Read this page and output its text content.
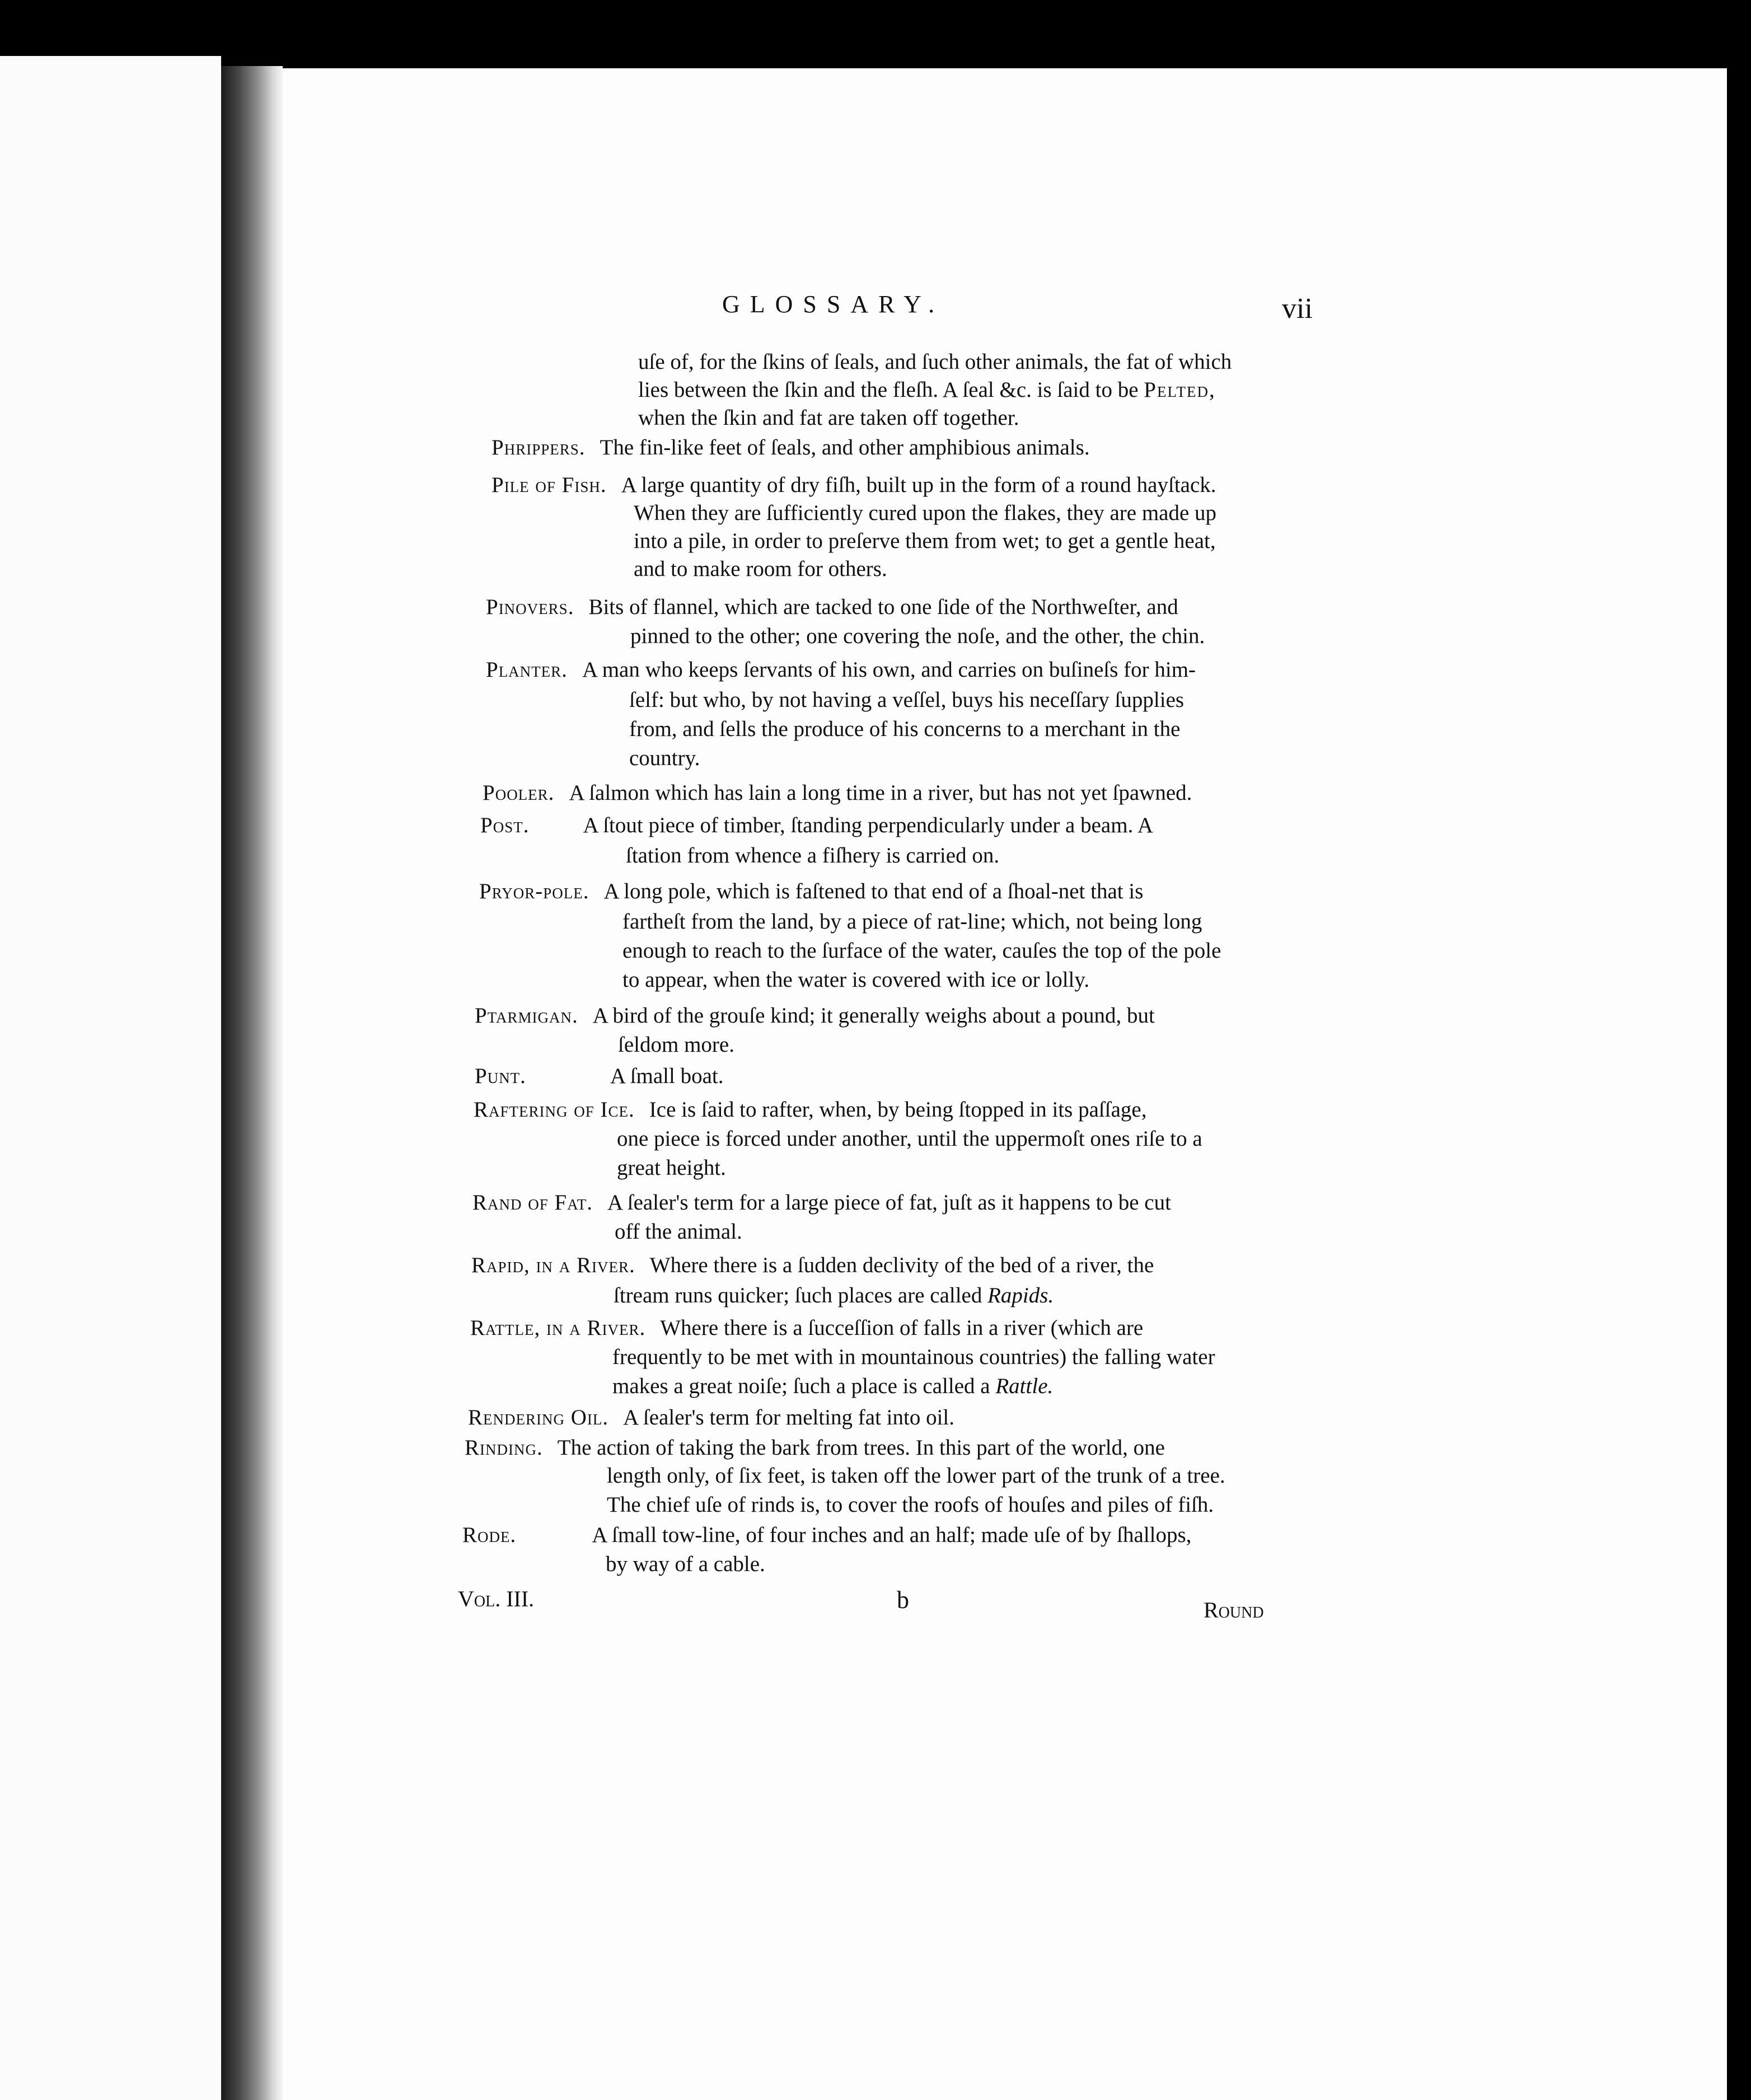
GLOSSARY.	vii
uſe of, for the ſkins of ſeals, and ſuch other animals, the fat of which
lies between the ſkin and the fleſh. A ſeal &c. is ſaid to be Pelted,
when the ſkin and fat are taken off together.
Phrippers. The fin-like feet of ſeals, and other amphibious animals.
Pile of Fish. A large quantity of dry fiſh, built up in the form of a round hayſtack.
When they are ſufficiently cured upon the flakes, they are made up
into a pile, in order to preſerve them from wet; to get a gentle heat,
and to make room for others.
Pinovers. Bits of flannel, which are tacked to one ſide of the Northweſter, and
pinned to the other; one covering the noſe, and the other, the chin.
Planter. A man who keeps ſervants of his own, and carries on buſineſs for him-
ſelf: but who, by not having a veſſel, buys his neceſſary ſupplies
from, and ſells the produce of his concerns to a merchant in the
country.
Pooler. A ſalmon which has lain a long time in a river, but has not yet ſpawned.
Post. A ſtout piece of timber, ſtanding perpendicularly under a beam. A
ſtation from whence a fiſhery is carried on.
Pryor-pole. A long pole, which is faſtened to that end of a ſhoal-net that is
fartheſt from the land, by a piece of rat-line; which, not being long
enough to reach to the ſurface of the water, cauſes the top of the pole
to appear, when the water is covered with ice or lolly.
Ptarmigan. A bird of the grouſe kind; it generally weighs about a pound, but
ſeldom more.
Punt.	A ſmall boat.
Raftering of Ice. Ice is ſaid to rafter, when, by being ſtopped in its paſſage,
one piece is forced under another, until the uppermoſt ones riſe to a
great height.
Rand of Fat. A ſealer's term for a large piece of fat, juſt as it happens to be cut
off the animal.
Rapid, in a River. Where there is a ſudden declivity of the bed of a river, the
ſtream runs quicker; ſuch places are called Rapids.
Rattle, in a River. Where there is a ſucceſſion of falls in a river (which are
frequently to be met with in mountainous countries) the falling water
makes a great noiſe; ſuch a place is called a Rattle.
Rendering Oil. A ſealer's term for melting fat into oil.
Rinding. The action of taking the bark from trees. In this part of the world, one
length only, of ſix feet, is taken off the lower part of the trunk of a tree.
The chief uſe of rinds is, to cover the roofs of houſes and piles of fiſh.
Rode.	A ſmall tow-line, of four inches and an half; made uſe of by ſhallops,
by way of a cable.
Vol. III.	b	Round
